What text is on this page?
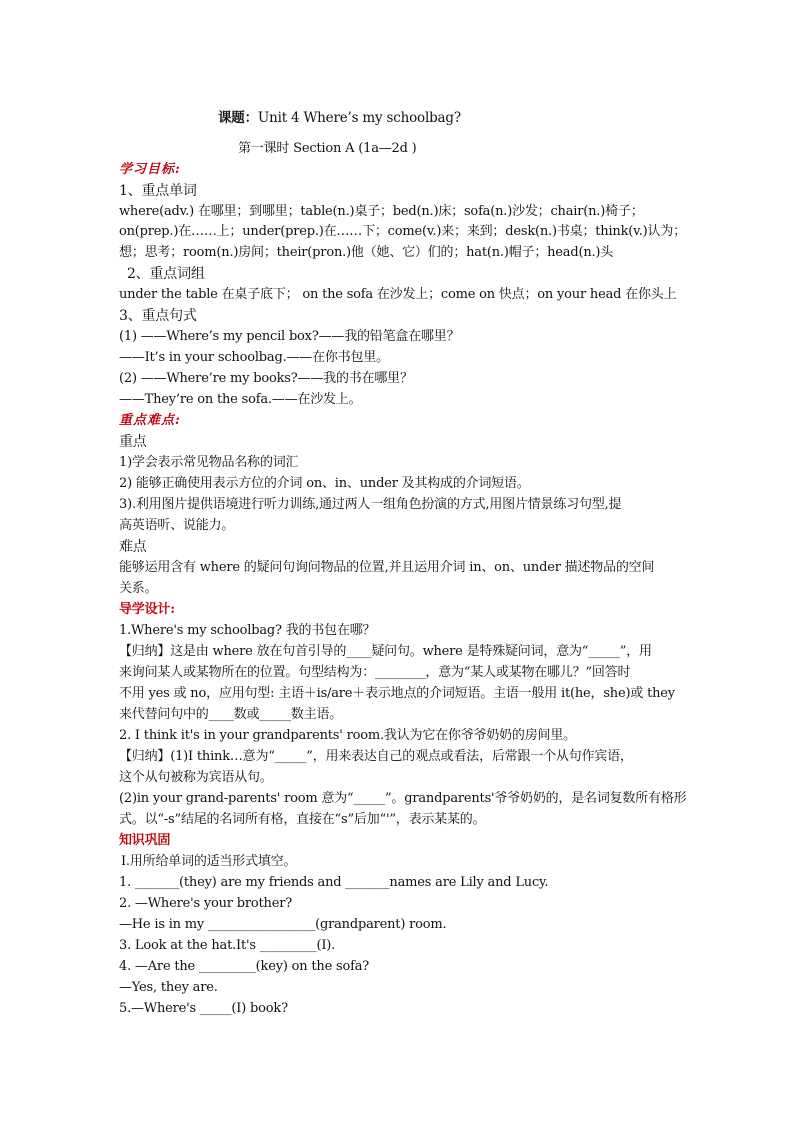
课题：Unit 4 Where’s my schoolbag?
第一课时 Section A (1a—2d )
学习目标:
1、重点单词
where(adv.) 在哪里；到哪里；table(n.)桌子；bed(n.)床；sofa(n.)沙发；chair(n.)椅子；
on(prep.)在……上；under(prep.)在……下；come(v.)来；来到；desk(n.)书桌；think(v.)认为；
想；思考；room(n.)房间；their(pron.)他（她、它）们的；hat(n.)帽子；head(n.)头
2、重点词组
under the table 在桌子底下； on the sofa 在沙发上；come on 快点；on your head 在你头上
3、重点句式
(1) ——Where’s my pencil box?——我的铅笔盒在哪里？
——It’s in your schoolbag.——在你书包里。
(2) ——Where’re my books?——我的书在哪里？
——They’re on the sofa.——在沙发上。
重点难点:
重点
1)学会表示常见物品名称的词汇
2) 能够正确使用表示方位的介词 on、in、under 及其构成的介词短语。
3).利用图片提供语境进行听力训练,通过两人一组角色扮演的方式,用图片情景练习句型,提
高英语听、说能力。
难点
能够运用含有 where 的疑问句询问物品的位置,并且运用介词 in、on、under 描述物品的空间
关系。
导学设计:
1.Where's my schoolbag? 我的书包在哪？
【归纳】这是由 where 放在句首引导的____疑问句。where 是特殊疑问词，意为“_____”，用
来询问某人或某物所在的位置。句型结构为：________，意为“某人或某物在哪儿？”回答时
不用 yes 或 no，应用句型: 主语＋is/are＋表示地点的介词短语。主语一般用 it(he，she)或 they
来代替问句中的____数或_____数主语。
2. I think it's in your grandparents' room.我认为它在你爷爷奶奶的房间里。
【归纳】(1)I think…意为“_____”，用来表达自己的观点或看法，后常跟一个从句作宾语，
这个从句被称为宾语从句。
(2)in your grand-parents' room 意为“_____”。grandparents'爷爷奶奶的，是名词复数所有格形
式。以“-s”结尾的名词所有格，直接在“s”后加“'”，表示某某的。
知识巩固
Ⅰ.用所给单词的适当形式填空。
1. _______(they) are my friends and _______names are Lily and Lucy.
2. —Where's your brother?
—He is in my _________________(grandparent) room.
3. Look at the hat.It's _________(I).
4. —Are the _________(key) on the sofa?
—Yes, they are.
5.—Where's _____(I) book?
